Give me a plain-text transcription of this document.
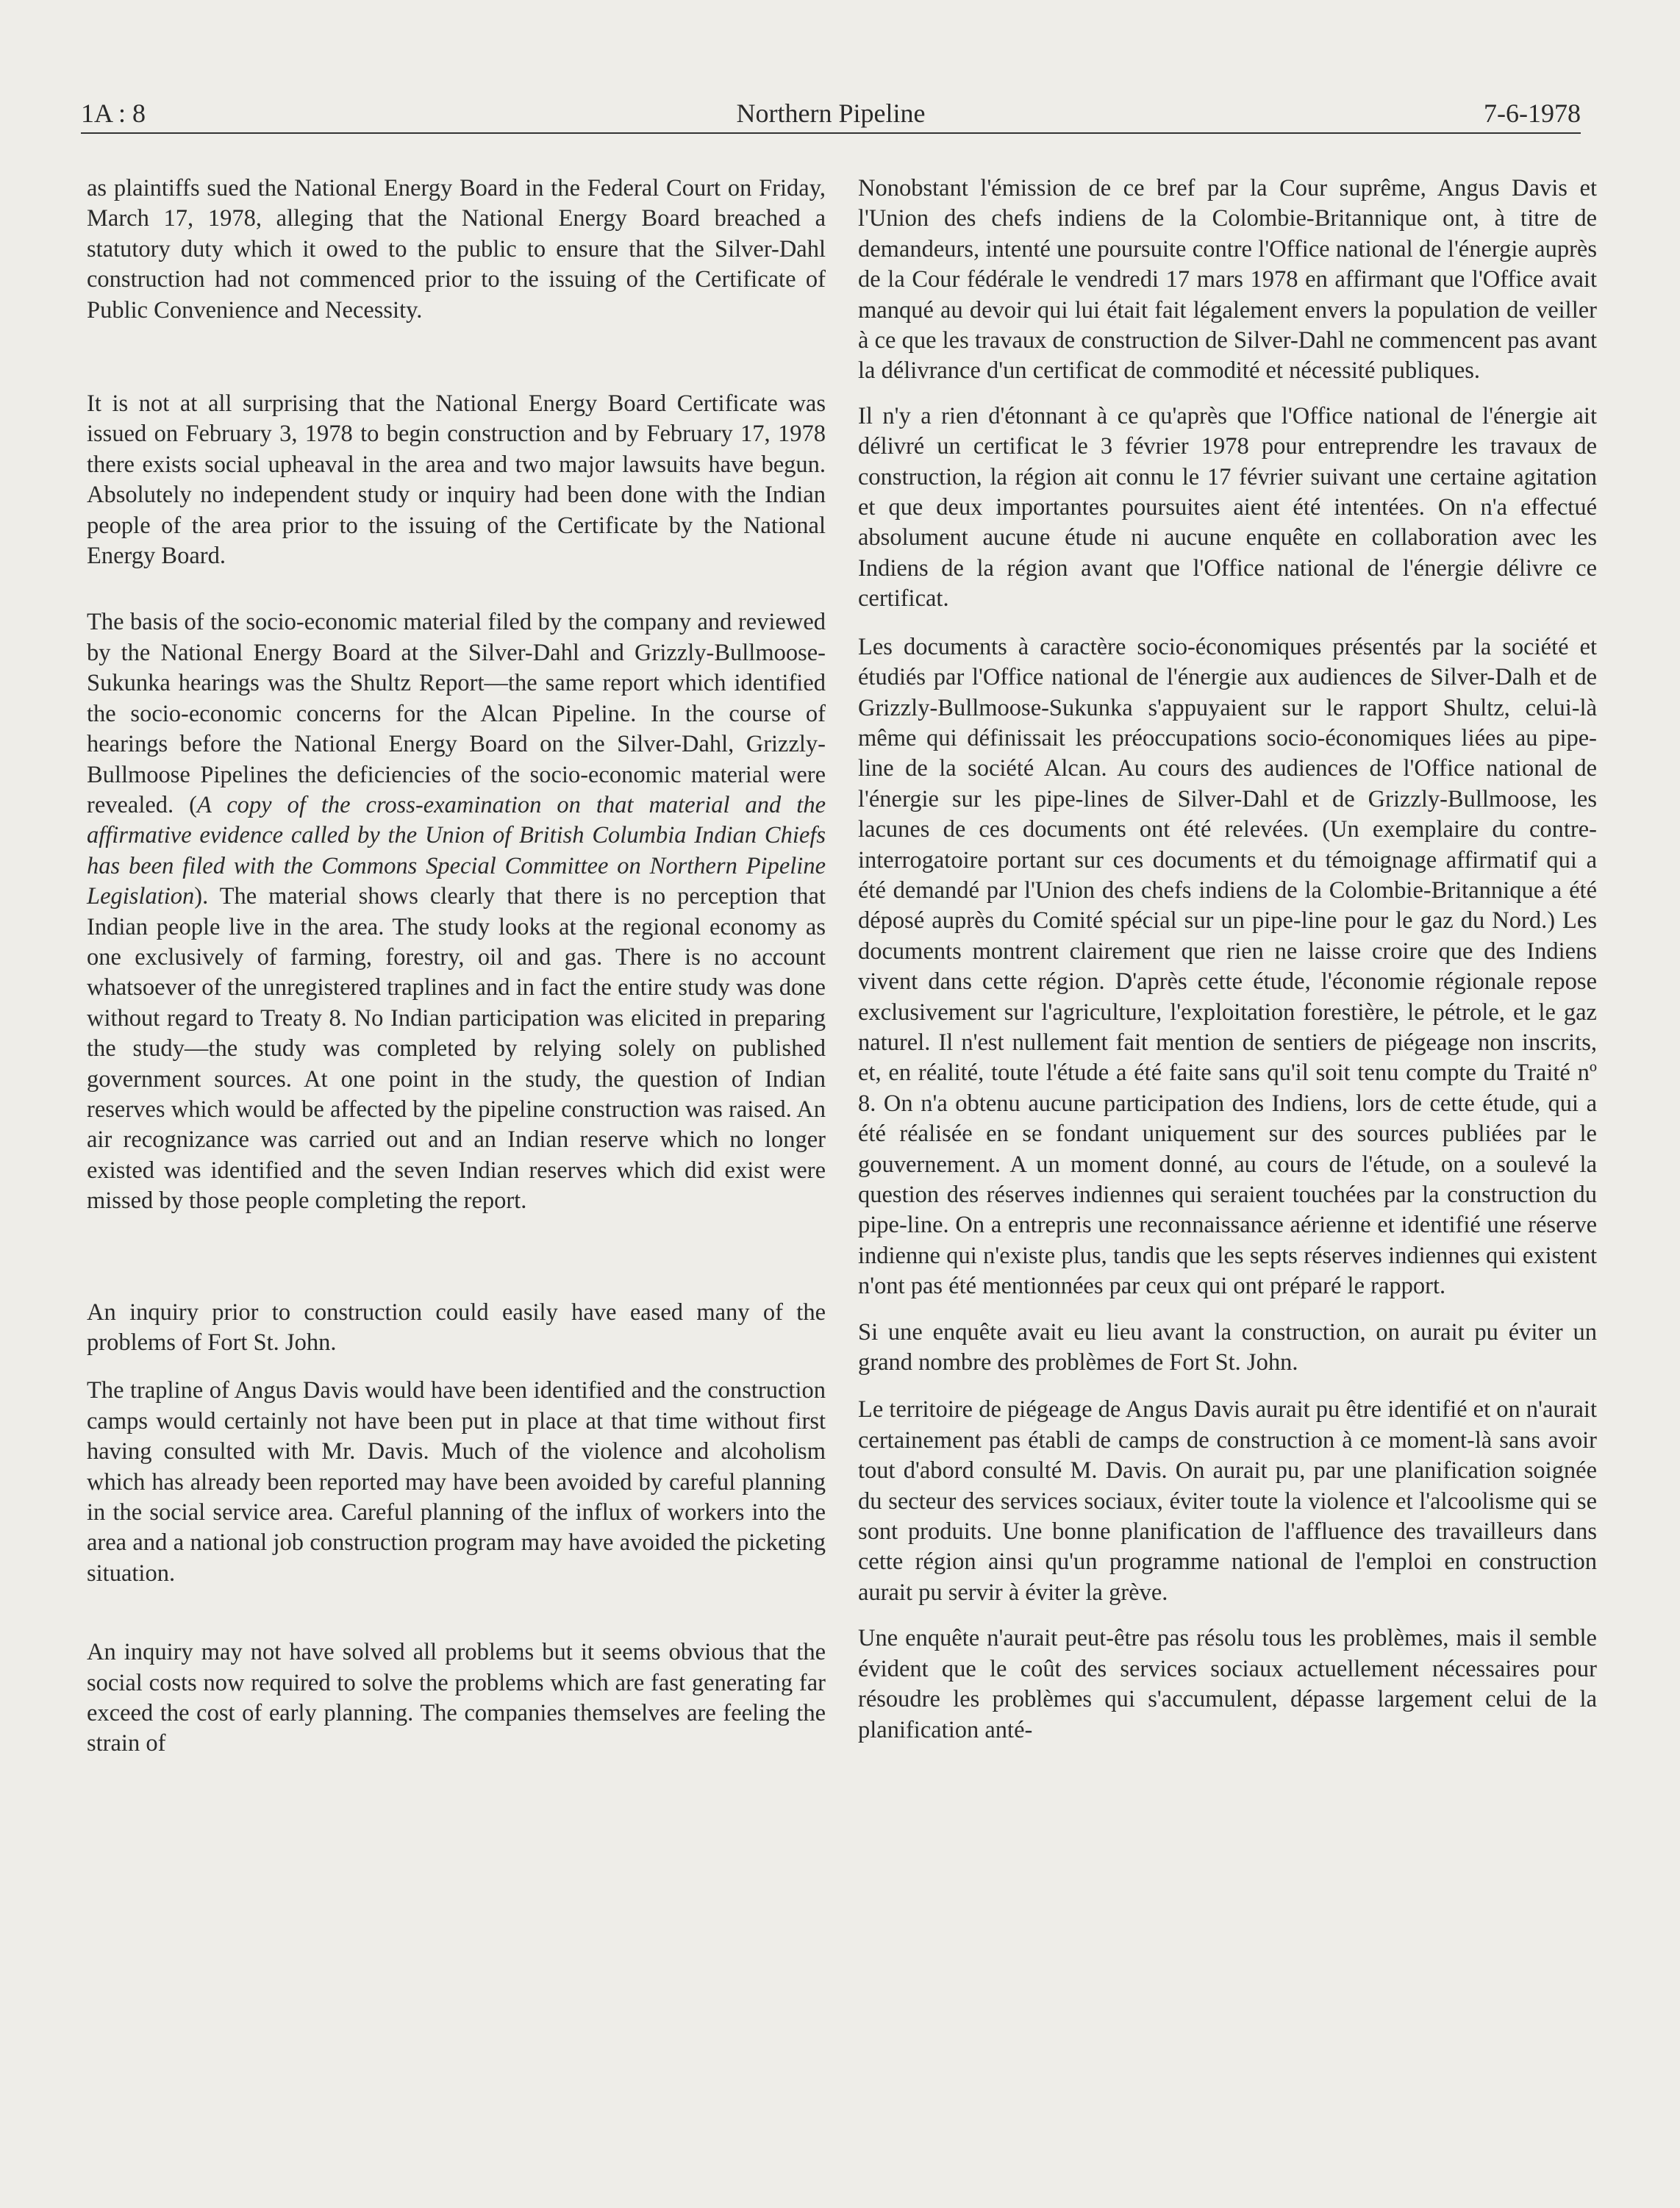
1A : 8	Northern Pipeline	7-6-1978

as plaintiffs sued the National Energy Board in the Federal Court on Friday, March 17, 1978, alleging that the National Energy Board breached a statutory duty which it owed to the public to ensure that the Silver-Dahl construction had not commenced prior to the issuing of the Certificate of Public Convenience and Necessity.

It is not at all surprising that the National Energy Board Certificate was issued on February 3, 1978 to begin construction and by February 17, 1978 there exists social upheaval in the area and two major lawsuits have begun. Absolutely no independent study or inquiry had been done with the Indian people of the area prior to the issuing of the Certificate by the National Energy Board.

The basis of the socio-economic material filed by the company and reviewed by the National Energy Board at the Silver-Dahl and Grizzly-Bullmoose-Sukunka hearings was the Shultz Report—the same report which identified the socio-economic concerns for the Alcan Pipeline. In the course of hearings before the National Energy Board on the Silver-Dahl, Grizzly-Bullmoose Pipelines the deficiencies of the socio-economic material were revealed. (A copy of the cross-examination on that material and the affirmative evidence called by the Union of British Columbia Indian Chiefs has been filed with the Commons Special Committee on Northern Pipeline Legislation). The material shows clearly that there is no perception that Indian people live in the area. The study looks at the regional economy as one exclusively of farming, forestry, oil and gas. There is no account whatsoever of the unregistered traplines and in fact the entire study was done without regard to Treaty 8. No Indian participation was elicited in preparing the study—the study was completed by relying solely on published government sources. At one point in the study, the question of Indian reserves which would be affected by the pipeline construction was raised. An air recognizance was carried out and an Indian reserve which no longer existed was identified and the seven Indian reserves which did exist were missed by those people completing the report.

An inquiry prior to construction could easily have eased many of the problems of Fort St. John.

The trapline of Angus Davis would have been identified and the construction camps would certainly not have been put in place at that time without first having consulted with Mr. Davis. Much of the violence and alcoholism which has already been reported may have been avoided by careful planning in the social service area. Careful planning of the influx of workers into the area and a national job construction program may have avoided the picketing situation.

An inquiry may not have solved all problems but it seems obvious that the social costs now required to solve the problems which are fast generating far exceed the cost of early planning. The companies themselves are feeling the strain of

Nonobstant l'émission de ce bref par la Cour suprême, Angus Davis et l'Union des chefs indiens de la Colombie-Britannique ont, à titre de demandeurs, intenté une poursuite contre l'Office national de l'énergie auprès de la Cour fédérale le vendredi 17 mars 1978 en affirmant que l'Office avait manqué au devoir qui lui était fait légalement envers la population de veiller à ce que les travaux de construction de Silver-Dahl ne commencent pas avant la délivrance d'un certificat de commodité et nécessité publiques.

Il n'y a rien d'étonnant à ce qu'après que l'Office national de l'énergie ait délivré un certificat le 3 février 1978 pour entreprendre les travaux de construction, la région ait connu le 17 février suivant une certaine agitation et que deux importantes poursuites aient été intentées. On n'a effectué absolument aucune étude ni aucune enquête en collaboration avec les Indiens de la région avant que l'Office national de l'énergie délivre ce certificat.

Les documents à caractère socio-économiques présentés par la société et étudiés par l'Office national de l'énergie aux audiences de Silver-Dalh et de Grizzly-Bullmoose-Sukunka s'appuyaient sur le rapport Shultz, celui-là même qui définissait les préoccupations socio-économiques liées au pipe-line de la société Alcan. Au cours des audiences de l'Office national de l'énergie sur les pipe-lines de Silver-Dahl et de Grizzly-Bullmoose, les lacunes de ces documents ont été relevées. (Un exemplaire du contre-interrogatoire portant sur ces documents et du témoignage affirmatif qui a été demandé par l'Union des chefs indiens de la Colombie-Britannique a été déposé auprès du Comité spécial sur un pipe-line pour le gaz du Nord.) Les documents montrent clairement que rien ne laisse croire que des Indiens vivent dans cette région. D'après cette étude, l'économie régionale repose exclusivement sur l'agriculture, l'exploitation forestière, le pétrole, et le gaz naturel. Il n'est nullement fait mention de sentiers de piégeage non inscrits, et, en réalité, toute l'étude a été faite sans qu'il soit tenu compte du Traité nº 8. On n'a obtenu aucune participation des Indiens, lors de cette étude, qui a été réalisée en se fondant uniquement sur des sources publiées par le gouvernement. A un moment donné, au cours de l'étude, on a soulevé la question des réserves indiennes qui seraient touchées par la construction du pipe-line. On a entrepris une reconnaissance aérienne et identifié une réserve indienne qui n'existe plus, tandis que les septs réserves indiennes qui existent n'ont pas été mentionnées par ceux qui ont préparé le rapport.

Si une enquête avait eu lieu avant la construction, on aurait pu éviter un grand nombre des problèmes de Fort St. John.

Le territoire de piégeage de Angus Davis aurait pu être identifié et on n'aurait certainement pas établi de camps de construction à ce moment-là sans avoir tout d'abord consulté M. Davis. On aurait pu, par une planification soignée du secteur des services sociaux, éviter toute la violence et l'alcoolisme qui se sont produits. Une bonne planification de l'affluence des travailleurs dans cette région ainsi qu'un programme national de l'emploi en construction aurait pu servir à éviter la grève.

Une enquête n'aurait peut-être pas résolu tous les problèmes, mais il semble évident que le coût des services sociaux actuellement nécessaires pour résoudre les problèmes qui s'accumulent, dépasse largement celui de la planification anté-
